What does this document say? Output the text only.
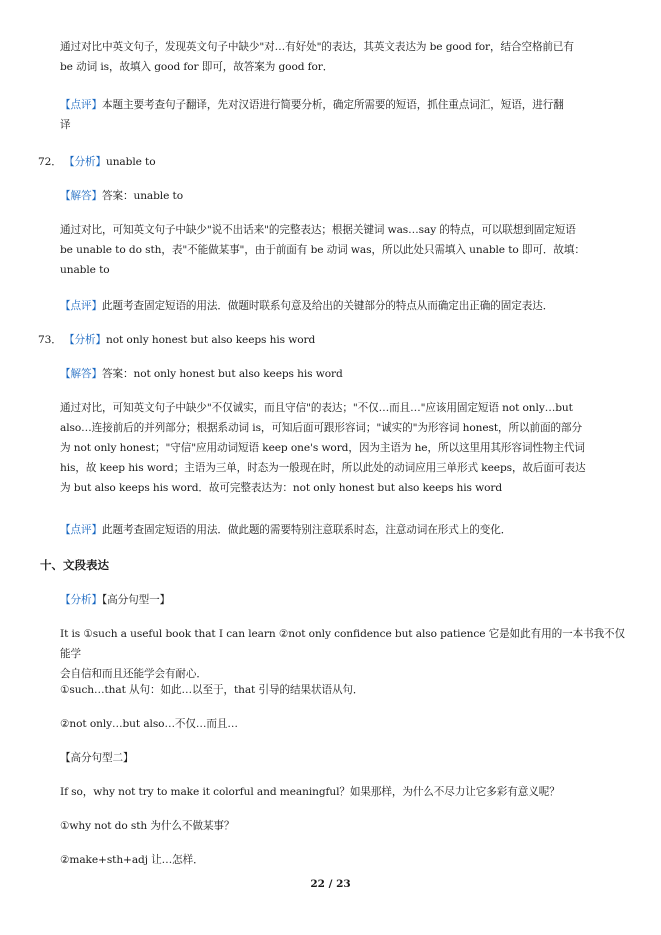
通过对比中英文句子，发现英文句子中缺少"对…有好处"的表达，其英文表达为 be good for，结合空格前已有

be 动词 is，故填入 good for 即可，故答案为 good for．

【点评】本题主要考查句子翻译，先对汉语进行简要分析，确定所需要的短语，抓住重点词汇，短语，进行翻

译

72． 【分析】unable to

【解答】答案：unable to

通过对比，可知英文句子中缺少"说不出话来"的完整表达；根据关键词 was…say 的特点，可以联想到固定短语

be unable to do sth，表"不能做某事"，由于前面有 be 动词 was，所以此处只需填入 unable to 即可．故填：

unable to

【点评】此题考查固定短语的用法．做题时联系句意及给出的关键部分的特点从而确定出正确的固定表达．

73． 【分析】not only honest but also keeps his word

【解答】答案：not only honest but also keeps his word

通过对比，可知英文句子中缺少"不仅诚实，而且守信"的表达；"不仅…而且…"应该用固定短语 not only…but

also…连接前后的并列部分；根据系动词 is，可知后面可跟形容词；"诚实的"为形容词 honest，所以前面的部分

为 not only honest；"守信"应用动词短语 keep one's word，因为主语为 he，所以这里用其形容词性物主代词

his，故 keep his word；主语为三单，时态为一般现在时，所以此处的动词应用三单形式 keeps，故后面可表达

为 but also keeps his word．故可完整表达为：not only honest but also keeps his word

【点评】此题考查固定短语的用法．做此题的需要特别注意联系时态，注意动词在形式上的变化．

十、文段表达

【分析】【高分句型一】

It is ①such a useful book that I can learn ②not only confidence but also patience 它是如此有用的一本书我不仅能学

会自信和而且还能学会有耐心．

①such…that 从句：如此…以至于，that 引导的结果状语从句．
②not only…but also…不仅…而且…
【高分句型二】
If so，why not try to make it colorful and meaningful？如果那样，为什么不尽力让它多彩有意义呢？
①why not do sth 为什么不做某事？
②make+sth+adj 让…怎样．
22 / 23
